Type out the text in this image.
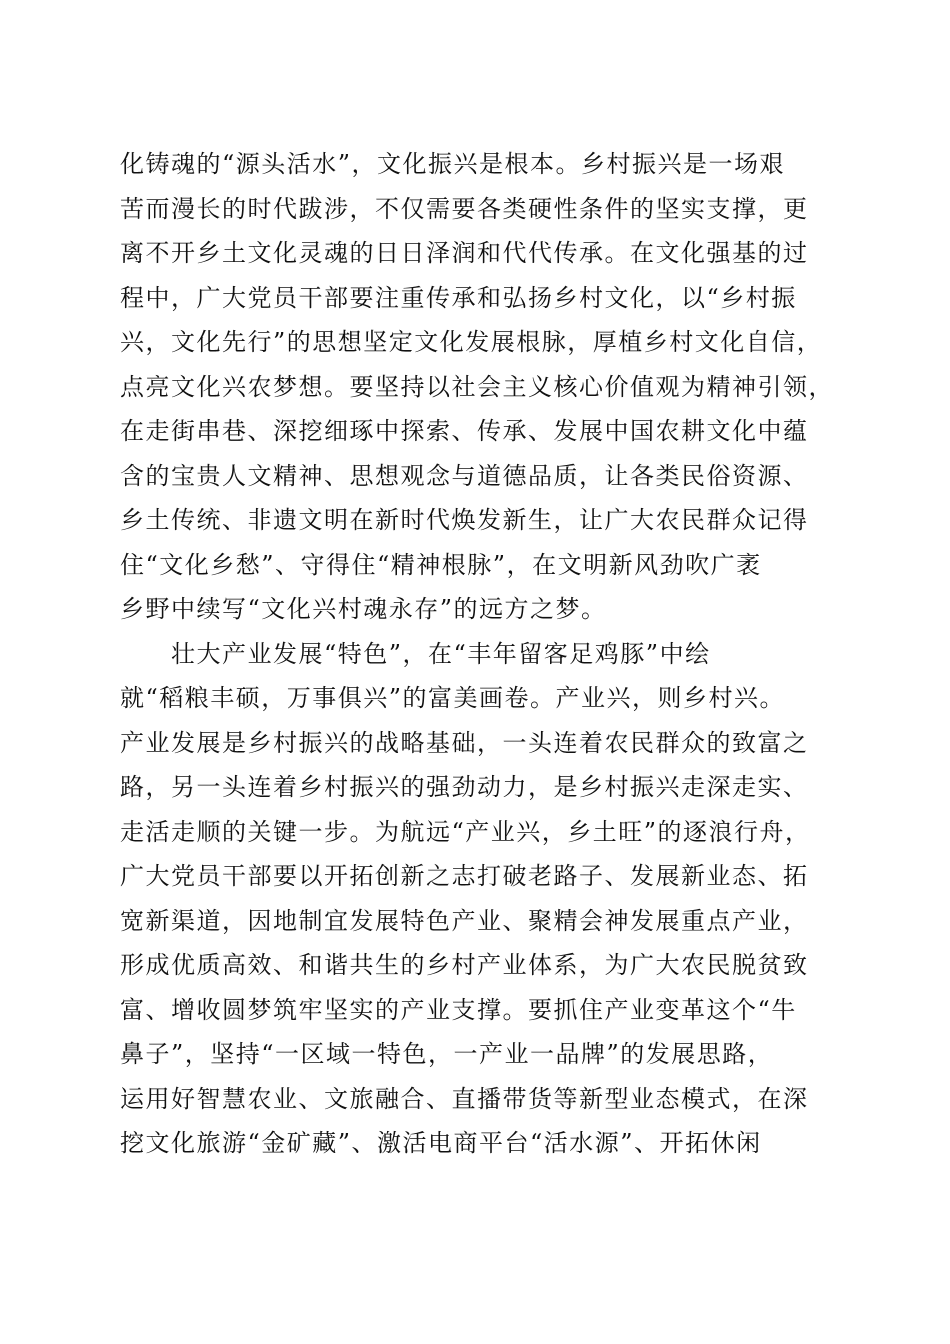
化铸魂的“源头活水”，文化振兴是根本。乡村振兴是一场艰
苦而漫长的时代跋涉，不仅需要各类硬性条件的坚实支撑，更
离不开乡土文化灵魂的日日泽润和代代传承。在文化强基的过
程中，广大党员干部要注重传承和弘扬乡村文化，以“乡村振
兴，文化先行”的思想坚定文化发展根脉，厚植乡村文化自信，
点亮文化兴农梦想。要坚持以社会主义核心价值观为精神引领，
在走街串巷、深挖细琢中探索、传承、发展中国农耕文化中蕴
含的宝贵人文精神、思想观念与道德品质，让各类民俗资源、
乡土传统、非遗文明在新时代焕发新生，让广大农民群众记得
住“文化乡愁”、守得住“精神根脉”，在文明新风劲吹广袤
乡野中续写“文化兴村魂永存”的远方之梦。
　　壮大产业发展“特色”，在“丰年留客足鸡豚”中绘
就“稻粮丰硕，万事俱兴”的富美画卷。产业兴，则乡村兴。
产业发展是乡村振兴的战略基础，一头连着农民群众的致富之
路，另一头连着乡村振兴的强劲动力，是乡村振兴走深走实、
走活走顺的关键一步。为航远“产业兴，乡土旺”的逐浪行舟，
广大党员干部要以开拓创新之志打破老路子、发展新业态、拓
宽新渠道，因地制宜发展特色产业、聚精会神发展重点产业，
形成优质高效、和谐共生的乡村产业体系，为广大农民脱贫致
富、增收圆梦筑牢坚实的产业支撑。要抓住产业变革这个“牛
鼻子”，坚持“一区域一特色，一产业一品牌”的发展思路，
运用好智慧农业、文旅融合、直播带货等新型业态模式，在深
挖文化旅游“金矿藏”、激活电商平台“活水源”、开拓休闲
